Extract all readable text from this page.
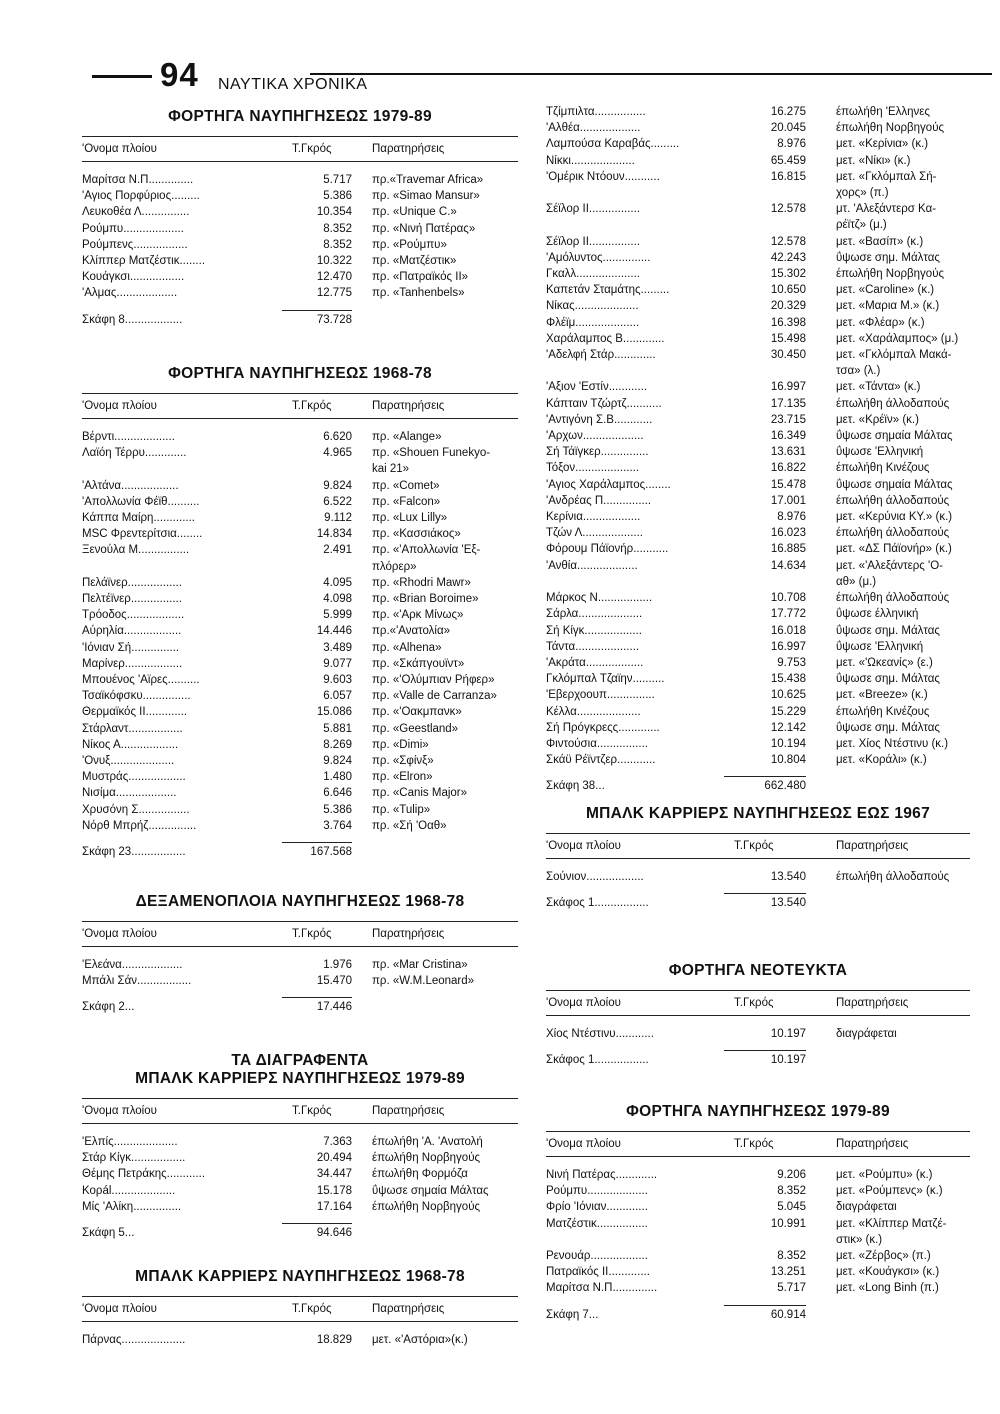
94 ΝΑΥΤΙΚΑ ΧΡΟΝΙΚΑ
ΦΟΡΤΗΓΑ ΝΑΥΠΗΓΗΣΕΩΣ 1979-89
'Ονομα πλοίου	Τ.Γκρός	Παρατηρήσεις
Μαρίτσα Ν.Π..............	5.717 πρ.«Travemar Africa»
'Αγιος Πορφύριος.........	5.386 πρ. «Simao Mansur»
Λευκοθέα Λ...............	10.354 πρ. «Unique C.»
Ρούμπυ...................	8.352 πρ. «Νινή Πατέρας»
Ρούμπενς.................	8.352 πρ. «Ρούμπυ»
Κλίππερ Ματζέστικ........	10.322 πρ. «Ματζέστικ»
Κουάγκσι.................	12.470 πρ. «Πατραϊκός ΙΙ»
'Αλμας...................	12.775 πρ. «Tanhenbels»
Σκάφη 8..................	73.728
ΦΟΡΤΗΓΑ ΝΑΥΠΗΓΗΣΕΩΣ 1968-78
'Ονομα πλοίου	Τ.Γκρός	Παρατηρήσεις
Βέρντι...................	6.620 πρ. «Alange»
Λαϊόη Τέρρυ.............	4.965 πρ. «Shouen Funekyo-
kai 21»
'Αλτάνα..................	9.824 πρ. «Comet»
'Απολλωνία Φέϊθ..........	6.522 πρ. «Falcon»
Κάππα Μαίρη.............	9.112 πρ. «Lux Lilly»
MSC Φρεντερίτσια........	14.834 πρ. «Κασσιάκος»
Ξενούλα Μ................	2.491 πρ. «'Απολλωνία 'Εξ-
πλόρερ»
Πελάϊνερ.................	4.095 πρ. «Rhodri Mawr»
Πελτέϊνερ................	4.098 πρ. «Brian Boroime»
Τρόοδος..................	5.999 πρ. «'Αρκ Μίνως»
Αύρηλία..................	14.446 πρ.«'Ανατολία»
'Ιόνιαν Σή...............	3.489 πρ. «Alhena»
Μαρίνερ..................	9.077 πρ. «Σκάπγουϊντ»
Μπουένος 'Αϊρες..........	9.603 πρ. «'Ολύμπιαν Ρήφερ»
Τσαϊκόφσκυ...............	6.057 πρ. «Valle de Carranza»
Θερμαϊκός ΙΙ.............	15.086 πρ. «'Οακμπανκ»
Στάρλαντ.................	5.881 πρ. «Geestland»
Νίκος Α..................	8.269 πρ. «Dimi»
'Ονυξ....................	9.824 πρ. «Σφίνξ»
Μυστράς..................	1.480 πρ. «Elron»
Νισίμα...................	6.646 πρ. «Canis Major»
Χρυσόνη Σ................	5.386 πρ. «Tulip»
Νόρθ Μπρήζ...............	3.764 πρ. «Σή 'Οαθ»
Σκάφη 23.................	167.568
ΔΕΞΑΜΕΝΟΠΛΟΙΑ ΝΑΥΠΗΓΗΣΕΩΣ 1968-78
'Ονομα πλοίου	Τ.Γκρός	Παρατηρήσεις
'Ελεάνα...................	1.976 πρ. «Mar Cristina»
Μπάλι Σάν.................	15.470 πρ. «W.M.Leonard»
Σκάφη 2...	17.446
ΤΑ ΔΙΑΓΡΑΦΕΝΤΑ
ΜΠΑΛΚ ΚΑΡΡΙΕΡΣ ΝΑΥΠΗΓΗΣΕΩΣ 1979-89
'Ονομα πλοίου	Τ.Γκρός	Παρατηρήσεις
'Ελπίς....................	7.363 έπωλήθη 'Α. 'Ανατολή
Στάρ Κίγκ.................	20.494 έπωλήθη Νορβηγούς
Θέμης Πετράκης............	34.447 έπωλήθη Φορμόζα
Κορál....................	15.178 ΰψωσε σημαία Μάλτας
Μίς 'Αλίκη...............	17.164 έπωλήθη Νορβηγούς
Σκάφη 5...	94.646
ΜΠΑΛΚ ΚΑΡΡΙΕΡΣ ΝΑΥΠΗΓΗΣΕΩΣ 1968-78
'Ονομα πλοίου	Τ.Γκρός	Παρατηρήσεις
Πάρνας....................	18.829 μετ. «'Αστόρια»(κ.)
Τζίμπιλτα................	16.275	έπωλήθη 'Ελληνες
'Αλθέα...................	20.045	έπωλήθη Νορβηγούς
Λαμπούσα Καραβάς.........	8.976	μετ. «Κερίνια» (κ.)
Νίκκι....................	65.459	μετ. «Νίκι» (κ.)
'Ομέρικ Ντόουν...........	16.815	μετ. «Γκλόμπαλ Σή-
χορς» (π.)
Σέϊλορ ΙΙ................	12.578	μτ. 'Αλεξάντερσ Κα-
ρέϊτζ» (μ.)
Σέϊλορ ΙΙ................	12.578	μετ. «Βασίπ» (κ.)
'Αμόλυντος...............	42.243	ΰψωσε σημ. Μάλτας
Γκαλλ....................	15.302	έπωλήθη Νορβηγούς
Καπετάν Σταμάτης.........	10.650	μετ. «Caroline» (κ.)
Νίκας....................	20.329	μετ. «Μαρια Μ.» (κ.)
Φλέϊμ....................	16.398	μετ. «Φλέαρ» (κ.)
Χαράλαμπος Β.............	15.498	μετ. «Χαράλαμπος» (μ.)
'Αδελφή Στάρ.............	30.450	μετ. «Γκλόμπαλ Μακά-
τσα» (λ.)
'Αξιον 'Εστίν............	16.997	μετ. «Τάντα» (κ.)
Κάπταιν Τζώρτζ...........	17.135	έπωλήθη άλλοδαπούς
'Αντιγόνη Σ.Β............	23.715	μετ. «Κρέϊν» (κ.)
'Αρχων...................	16.349	ΰψωσε σημαία Μάλτας
Σή Τάϊγκερ...............	13.631	ΰψωσε 'Ελληνική
Τόξον....................	16.822	έπωλήθη Κινέζους
'Αγιος Χαράλαμπος........	15.478	ΰψωσε σημαία Μάλτας
'Ανδρέας Π...............	17.001	έπωλήθη άλλοδαπούς
Κερίνια..................	8.976	μετ. «Κερύνια ΚΥ.» (κ.)
Τζών Λ...................	16.023	έπωλήθη άλλοδαπούς
Φόρουμ Πάϊονήρ...........	16.885	μετ. «ΔΣ Πάϊονήρ» (κ.)
'Ανθία...................	14.634	μετ. «'Αλεξάντερς 'Ο-
αθ» (μ.)
Μάρκος Ν.................	10.708	έπωλήθη άλλοδαπούς
Σάρλα....................	17.772	ΰψωσε έλληνική
Σή Κίγκ..................	16.018	ΰψωσε σημ. Μάλτας
Τάντα....................	16.997	ΰψωσε 'Ελληνική
'Ακράτα..................	9.753	μετ. «'Ωκεανίς» (ε.)
Γκλόμπαλ Τζαϊην..........	15.438	ΰψωσε σημ. Μάλτας
'Εβερχοουπ...............	10.625	μετ. «Breeze» (κ.)
Κέλλα....................	15.229	έπωλήθη Κινέζους
Σή Πρόγκρεςς.............	12.142	ΰψωσε σημ. Μάλτας
Φιντούσια................	10.194	μετ. Χίος Ντέστινυ (κ.)
Σκάϋ Ρέϊντζερ............	10.804	μετ. «Κοράλι» (κ.)
Σκάφη 38...	662.480
ΜΠΑΛΚ ΚΑΡΡΙΕΡΣ ΝΑΥΠΗΓΗΣΕΩΣ ΕΩΣ 1967
'Ονομα πλοίου	Τ.Γκρός	Παρατηρήσεις
Σούνιον..................	13.540	έπωλήθη άλλοδαπούς
Σκάφος 1.................	13.540
ΦΟΡΤΗΓΑ ΝΕΟΤΕΥΚΤΑ
'Ονομα πλοίου	Τ.Γκρός	Παρατηρήσεις
Χίος Ντέστινυ............	10.197	διαγράφεται
Σκάφος 1.................	10.197
ΦΟΡΤΗΓΑ ΝΑΥΠΗΓΗΣΕΩΣ 1979-89
'Ονομα πλοίου	Τ.Γκρός	Παρατηρήσεις
Νινή Πατέρας.............	9.206	μετ. «Ρούμπυ» (κ.)
Ρούμπυ...................	8.352	μετ. «Ρούμπενς» (κ.)
Φρίο 'Ιόνιαν.............	5.045	διαγράφεται
Ματζέστικ................	10.991	μετ. «Κλίππερ Ματζέ-
στικ» (κ.)
Ρενουάρ..................	8.352	μετ. «Ζέρβος» (π.)
Πατραϊκός ΙΙ.............	13.251	μετ. «Κουάγκσι» (κ.)
Μαρίτσα Ν.Π..............	5.717	μετ. «Long Binh (π.)
Σκάφη 7...	60.914
